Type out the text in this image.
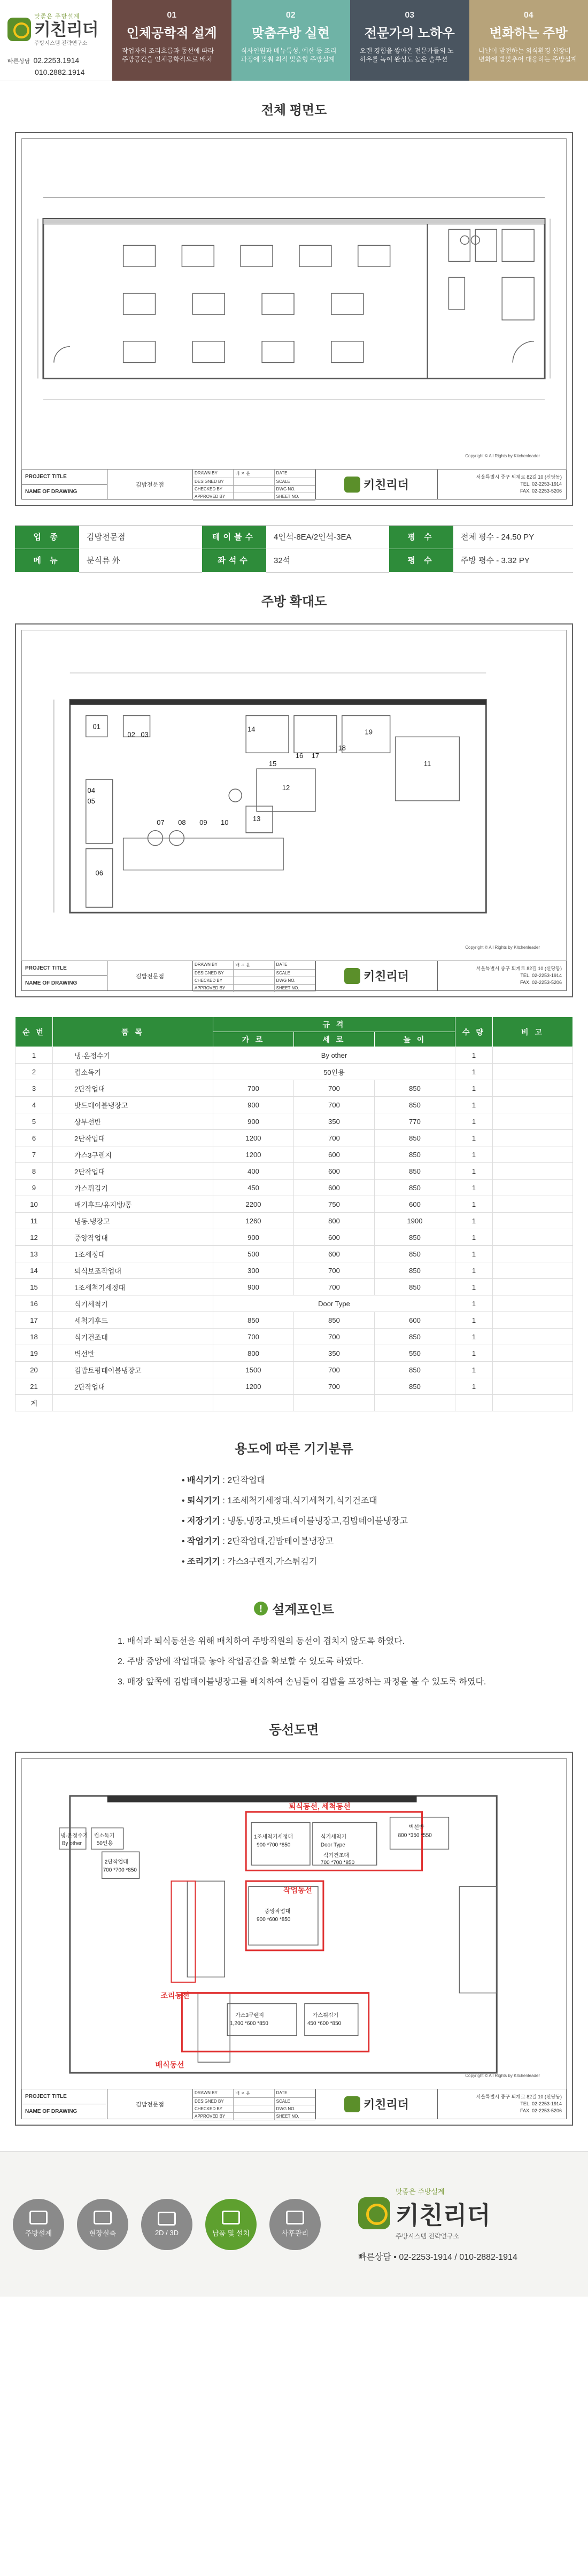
맛좋은 주방설계
키친리더
주방시스템 전략연구소
빠른상담 02.2253.1914
010.2882.1914
01
인체공학적 설계
작업자의 조리흐름과 동선에 따라 주방공간을 인체공학적으로 배치
02
맞춤주방 실현
식사인원과 메뉴특성, 예산 등 조리과정에 맞춰 최적 맞춤형 주방설계
03
전문가의 노하우
오랜 경험을 쌓아온 전문가들의 노하우를 녹여 완성도 높은 솔루션
04
변화하는 주방
나날이 발전하는 외식환경 신장비 변화에 발맞추어 대응하는 주방설계
전체 평면도
PROJECT TITLE
NAME OF DRAWING
김밥전문점
DRAWN BY	배 ㅈ 윤	DATE
DESIGNED BY	SCALE
CHECKED BY	DWG NO.
APPROVED BY	SHEET NO.
키친리더
서울특별시 중구 퇴계로 82길 10 (신당동)
TEL. 02-2253-1914
FAX. 02-2253-5206
Copyright © All Rights by Kitchenleader
업 종	김밥전문점	테이블수	4인석-8EA/2인석-3EA	평 수	전체 평수 - 24.50 PY
메 뉴	분식류 外	좌석수	32석	평 수	주방 평수 - 3.32 PY
주방 확대도
01
02 03
04
05
06
07 08 09 10
11
12
13
14
15
16 17
18
19
PROJECT TITLE
NAME OF DRAWING
김밥전문점
DRAWN BY	배 ㅈ 윤	DATE
DESIGNED BY	SCALE
CHECKED BY	DWG NO.
APPROVED BY	SHEET NO.
키친리더
서울특별시 중구 퇴계로 82길 10 (신당동)
TEL. 02-2253-1914
FAX. 02-2253-5206
Copyright © All Rights by Kitchenleader
순 번	품 목	규 격			수 량	비 고
		가 로	세 로	높 이		
1	냉·온정수기	By other			1	
2	컵소독기	50인용			1	
3	2단작업대	700	700	850	1	
4	밧드테이블냉장고	900	700	850	1	
5	상부선반	900	350	770	1	
6	2단작업대	1200	700	850	1	
7	가스3구렌지	1200	600	850	1	
8	2단작업대	400	600	850	1	
9	가스튀김기	450	600	850	1	
10	배기후드/유지방/통	2200	750	600	1	
11	냉동.냉장고	1260	800	1900	1	
12	중앙작업대	900	600	850	1	
13	1조세정대	500	600	850	1	
14	퇴식보조작업대	300	700	850	1	
15	1조세척기세정대	900	700	850	1	
16	식기세척기	Door Type			1	
17	세척기후드	850	850	600	1	
18	식기건조대	700	700	850	1	
19	벽선반	800	350	550	1	
20	김밥토핑테이블냉장고	1500	700	850	1	
21	2단작업대	1200	700	850	1	
계						
용도에 따른 기기분류
• 배식기기 : 2단작업대
• 퇴식기기 : 1조세척기세정대,식기세척기,식기건조대
• 저장기기 : 냉동,냉장고,밧드테이블냉장고,김밥테이블냉장고
• 작업기기 : 2단작업대,김밥테이블냉장고
• 조리기기 : 가스3구렌지,가스튀김기
! 설계포인트
1. 배식과 퇴식동선을 위해 배치하여 주방직원의 동선이 겹치지 않도록 하였다.
2. 주방 중앙에 작업대를 놓아 작업공간을 확보할 수 있도록 하였다.
3. 매장 앞쪽에 김밥테이블냉장고를 배치하여 손님들이 김밥을 포장하는 과정을 볼 수 있도록 하였다.
동선도면
퇴식동선, 세척동선
작업동선
조리동선
배식동선
냉·온정수기
By other
컵소독기
50인용
2단작업대
700 *700 *850
1조세척기세정대
900 *700 *850
식기세척기
Door Type
식기건조대
700 *700 *850
벽선반
800 *350 *550
중앙작업대
900 *600 *850
가스3구렌지
1,200 *600 *850
가스튀김기
450 *600 *850
PROJECT TITLE
NAME OF DRAWING
김밥전문점
DRAWN BY	배 ㅈ 윤	DATE
DESIGNED BY	SCALE
CHECKED BY	DWG NO.
APPROVED BY	SHEET NO.
키친리더
서울특별시 중구 퇴계로 82길 10 (신당동)
TEL. 02-2253-1914
FAX. 02-2253-5206
Copyright © All Rights by Kitchenleader
주방설계	현장실측	2D / 3D	납품 및 설치	사후관리
맛좋은 주방설계
키친리더
주방시스템 전략연구소
빠른상담 • 02-2253-1914 / 010-2882-1914
